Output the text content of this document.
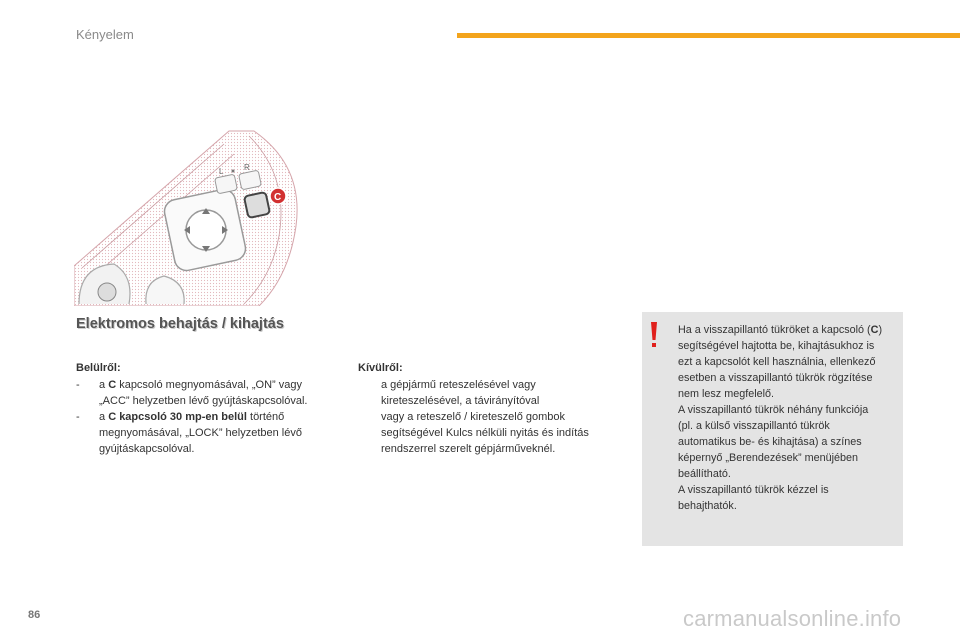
Kényelem
L	R
C
Elektromos behajtás / kihajtás
Belülről:
- a C kapcsoló megnyomásával, „ON” vagy
„ACC” helyzetben lévő gyújtáskapcsolóval.
- a C kapcsoló 30 mp-en belül történő
megnyomásával, „LOCK” helyzetben lévő
gyújtáskapcsolóval.
Kívülről:
a gépjármű reteszelésével vagy
kireteszelésével, a távirányítóval
vagy a reteszelő / kireteszelő gombok
segítségével Kulcs nélküli nyitás és indítás
rendszerrel szerelt gépjárműveknél.
Ha a visszapillantó tükröket a kapcsoló (C)
segítségével hajtotta be, kihajtásukhoz is
ezt a kapcsolót kell használnia, ellenkező
esetben a visszapillantó tükrök rögzítése
nem lesz megfelelő.
A visszapillantó tükrök néhány funkciója
(pl. a külső visszapillantó tükrök
automatikus be- és kihajtása) a színes
képernyő „Berendezések” menüjében
beállítható.
A visszapillantó tükrök kézzel is
behajthatók.
86	carmanualsonline.info
